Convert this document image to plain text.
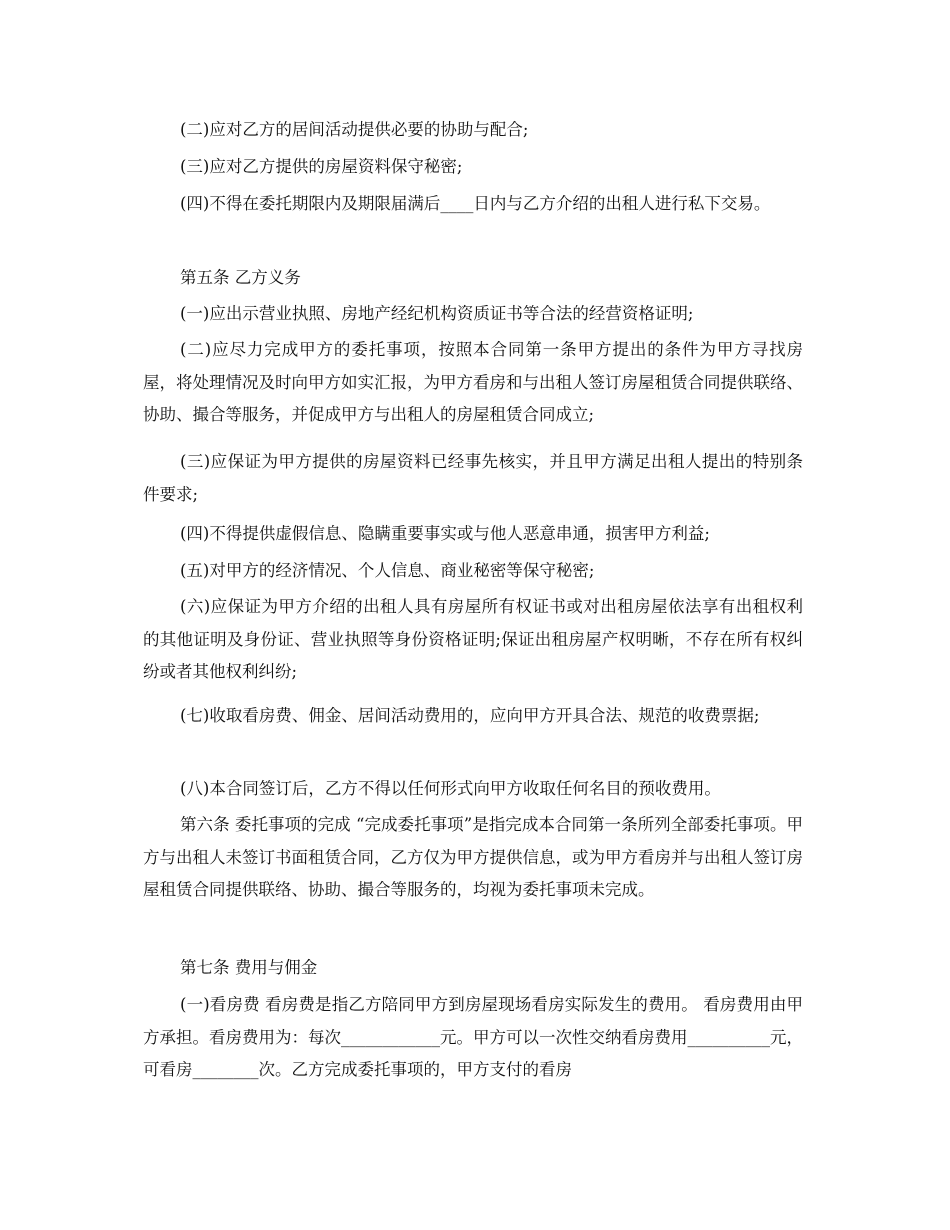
(二)应对乙方的居间活动提供必要的协助与配合;

(三)应对乙方提供的房屋资料保守秘密;

(四)不得在委托期限内及期限届满后____日内与乙方介绍的出租人进行私下交易。

第五条 乙方义务

(一)应出示营业执照、房地产经纪机构资质证书等合法的经营资格证明;

(二)应尽力完成甲方的委托事项，按照本合同第一条甲方提出的条件为甲方寻找房屋，将处理情况及时向甲方如实汇报，为甲方看房和与出租人签订房屋租赁合同提供联络、协助、撮合等服务，并促成甲方与出租人的房屋租赁合同成立;

(三)应保证为甲方提供的房屋资料已经事先核实，并且甲方满足出租人提出的特别条件要求;

(四)不得提供虚假信息、隐瞒重要事实或与他人恶意串通，损害甲方利益;

(五)对甲方的经济情况、个人信息、商业秘密等保守秘密;

(六)应保证为甲方介绍的出租人具有房屋所有权证书或对出租房屋依法享有出租权利的其他证明及身份证、营业执照等身份资格证明;保证出租房屋产权明晰，不存在所有权纠纷或者其他权利纠纷;

(七)收取看房费、佣金、居间活动费用的，应向甲方开具合法、规范的收费票据;

(八)本合同签订后，乙方不得以任何形式向甲方收取任何名目的预收费用。

第六条 委托事项的完成 “完成委托事项”是指完成本合同第一条所列全部委托事项。甲方与出租人未签订书面租赁合同，乙方仅为甲方提供信息，或为甲方看房并与出租人签订房屋租赁合同提供联络、协助、撮合等服务的，均视为委托事项未完成。

第七条 费用与佣金

(一)看房费 看房费是指乙方陪同甲方到房屋现场看房实际发生的费用。 看房费用由甲方承担。看房费用为：每次____________元。甲方可以一次性交纳看房费用__________元，可看房________次。乙方完成委托事项的，甲方支付的看房
